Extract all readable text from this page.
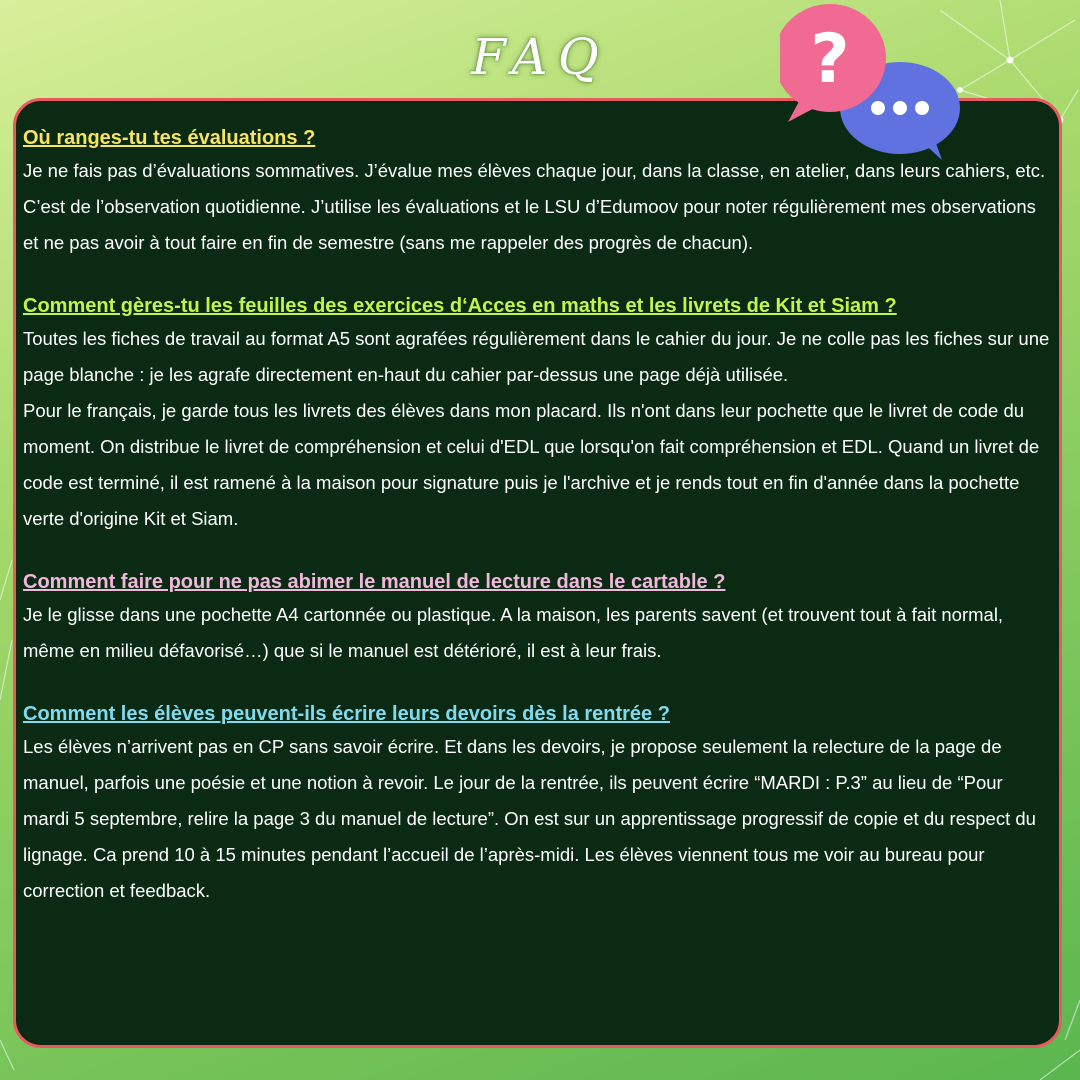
FAQ

Où ranges-tu tes évaluations ?

Je ne fais pas d’évaluations sommatives. J’évalue mes élèves chaque jour, dans la classe, en atelier, dans leurs cahiers, etc. C’est de l’observation quotidienne. J’utilise les évaluations et le LSU d’Edumoov pour noter régulièrement mes observations et ne pas avoir à tout faire en fin de semestre (sans me rappeler des progrès de chacun).

Comment gères-tu les feuilles des exercices d‘Acces en maths et les livrets de Kit et Siam ?

Toutes les fiches de travail au format A5 sont agrafées régulièrement dans le cahier du jour. Je ne colle pas les fiches sur une page blanche : je les agrafe directement en-haut du cahier par-dessus une page déjà utilisée.

Pour le français, je garde tous les livrets des élèves dans mon placard. Ils n'ont dans leur pochette que le livret de code du moment. On distribue le livret de compréhension et celui d'EDL que lorsqu'on fait compréhension et EDL. Quand un livret de code est terminé, il est ramené à la maison pour signature puis je l'archive et je rends tout en fin d'année dans la pochette verte d'origine Kit et Siam.

Comment faire pour ne pas abimer le manuel de lecture dans le cartable ?

Je le glisse dans une pochette A4 cartonnée ou plastique. A la maison, les parents savent (et trouvent tout à fait normal, même en milieu défavorisé…) que si le manuel est détérioré, il est à leur frais.

Comment les élèves peuvent-ils écrire leurs devoirs dès la rentrée ?

Les élèves n’arrivent pas en CP sans savoir écrire. Et dans les devoirs, je propose seulement la relecture de la page de manuel, parfois une poésie et une notion à revoir. Le jour de la rentrée, ils peuvent écrire “MARDI : P.3” au lieu de “Pour mardi 5 septembre, relire la page 3 du manuel de lecture”. On est sur un apprentissage progressif de copie et du respect du lignage. Ca prend 10 à 15 minutes pendant l’accueil de l’après-midi. Les élèves viennent tous me voir au bureau pour correction et feedback.

?
